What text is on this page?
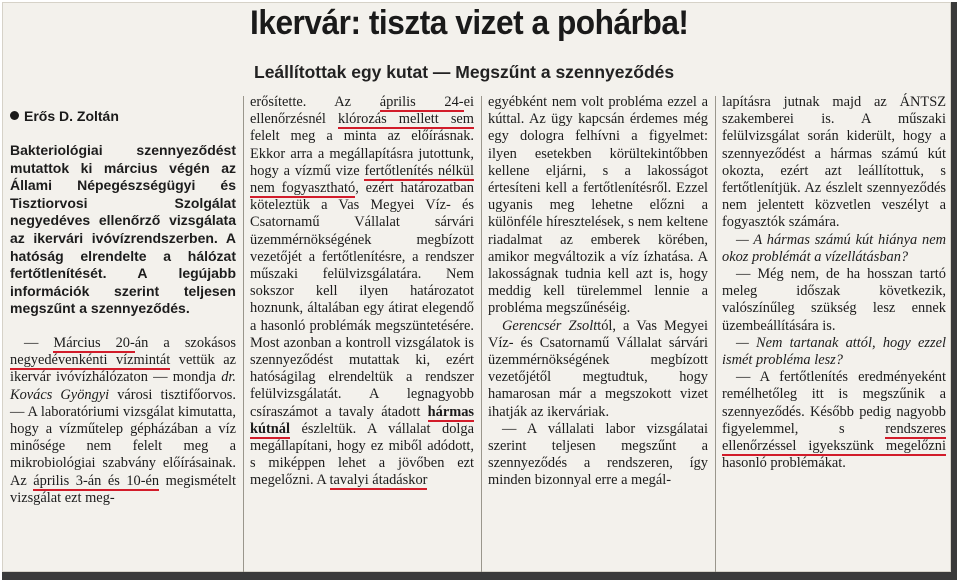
Ikervár: tiszta vizet a pohárba!
Leállítottak egy kutat — Megszűnt a szennyeződés
Erős D. Zoltán

Bakteriológiai szennyeződést mutattok ki március végén az Állami Népegészségügyi és Tisztiorvosi Szolgálat negyedéves ellenőrző vizsgálata az ikervári ivóvízrendszerben. A hatóság elrendelte a hálózat fertőtlenítését. A legújabb információk szerint teljesen megszűnt a szennyeződés.

— Március 20-án a szokásos negyedévenkénti vízmintát vettük az ikervár ivóvízhálózaton — mondja dr. Kovács Gyöngyi városi tisztifőorvos. — A laboratóriumi vizsgálat kimutatta, hogy a vízműtelep gépházában a víz minősége nem felelt meg a mikrobiológiai szabvány előírásainak. Az április 3-án és 10-én megismételt vizsgálat ezt meg-

erősítette. Az április 24-ei ellenőrzésnél klórozás mellett sem felelt meg a minta az előírásnak. Ekkor arra a megállapításra jutottunk, hogy a vízmű vize fertőtlenítés nélkül nem fogyasztható, ezért határozatban köteleztük a Vas Megyei Víz- és Csatornamű Vállalat sárvári üzemmérnökségének megbízott vezetőjét a fertőtlenítésre, a rendszer műszaki felülvizsgálatára. Nem sokszor kell ilyen határozatot hoznunk, általában egy átirat elegendő a hasonló problémák megszüntetésére. Most azonban a kontroll vizsgálatok is szennyeződést mutattak ki, ezért hatóságilag elrendeltük a rendszer felülvizsgálatát. A legnagyobb csíraszámot a tavaly átadott hármas kútnál észleltük. A vállalat dolga megállapítani, hogy ez miből adódott, s miképpen lehet a jövőben ezt megelőzni. A tavalyi átadáskor

egyébként nem volt probléma ezzel a kúttal. Az ügy kapcsán érdemes még egy dologra felhívni a figyelmet: ilyen esetekben körültekintőbben kellene eljárni, s a lakosságot értesíteni kell a fertőtlenítésről. Ezzel ugyanis meg lehetne előzni a különféle híresztelések, s nem keltene riadalmat az emberek körében, amikor megváltozik a víz ízhatása. A lakosságnak tudnia kell azt is, hogy meddig kell türelemmel lennie a probléma megszűnéséig.

Gerencsér Zsolttól, a Vas Megyei Víz- és Csatornamű Vállalat sárvári üzemmérnökségének megbízott vezetőjétől megtudtuk, hogy hamarosan már a megszokott vizet ihatják az ikerváriak.

— A vállalati labor vizsgálatai szerint teljesen megszűnt a szennyeződés a rendszeren, így minden bizonnyal erre a megál-

lapításra jutnak majd az ÁNTSZ szakemberei is. A műszaki felülvizsgálat során kiderült, hogy a szennyeződést a hármas számú kút okozta, ezért azt leállítottuk, s fertőtlenítjük. Az észlelt szennyeződés nem jelentett közvetlen veszélyt a fogyasztók számára.

— A hármas számú kút hiánya nem okoz problémát a vízellátásban?

— Még nem, de ha hosszan tartó meleg időszak következik, valószínűleg szükség lesz ennek üzembeállítására is.

— Nem tartanak attól, hogy ezzel ismét probléma lesz?

— A fertőtlenítés eredményeként remélhetőleg itt is megszűnik a szennyeződés. Később pedig nagyobb figyelemmel, s rendszeres ellenőrzéssel igyekszünk megelőzni hasonló problémákat.
